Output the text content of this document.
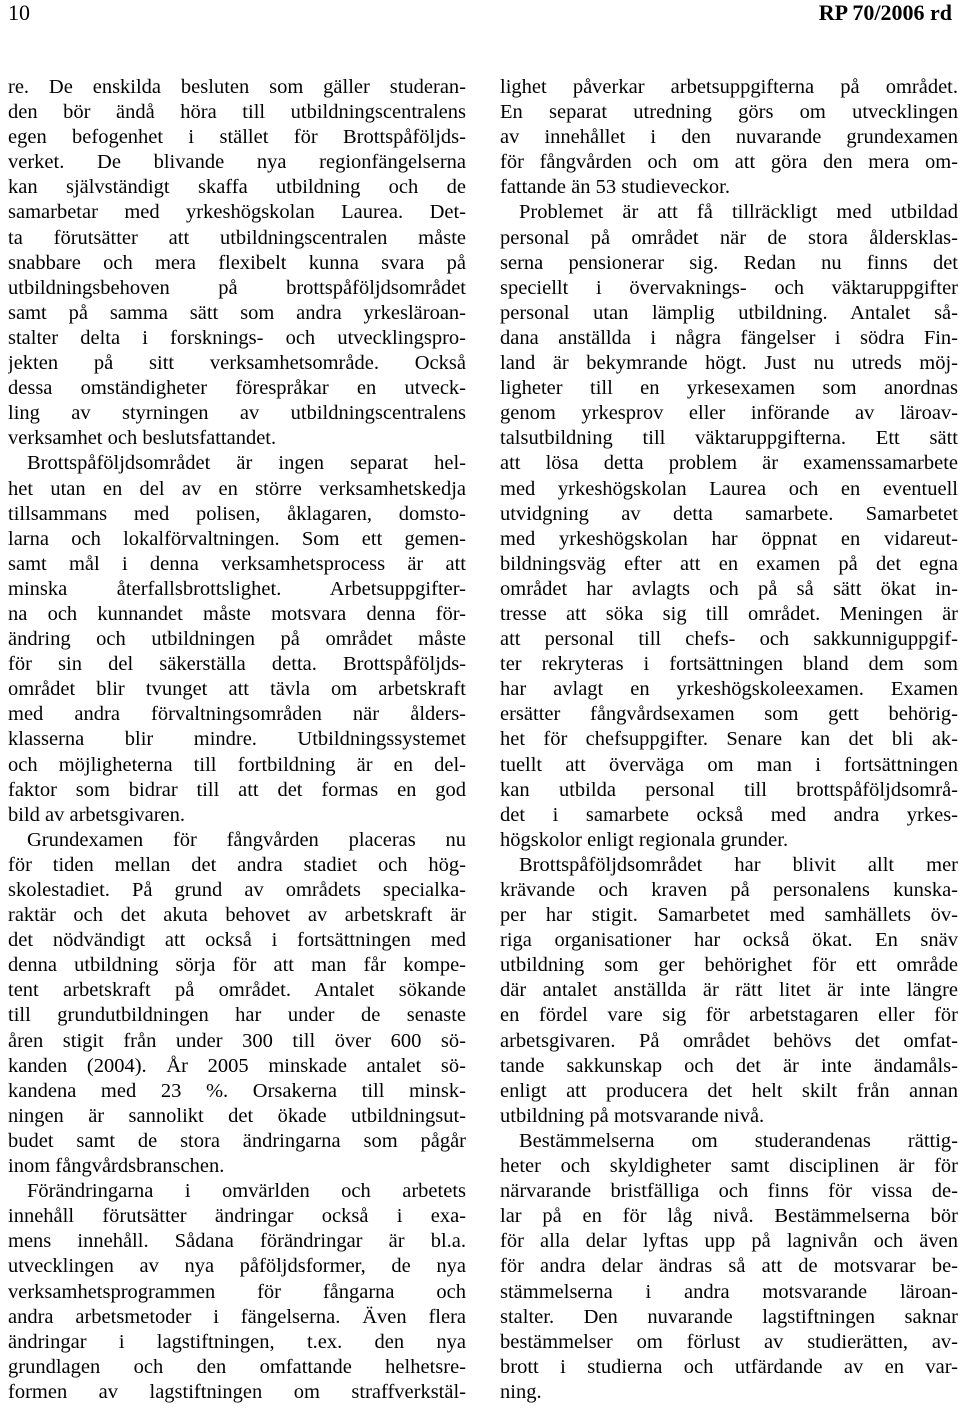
10	RP 70/2006 rd
re. De enskilda besluten som gäller studeran-
den bör ändå höra till utbildningscentralens
egen befogenhet i stället för Brottspåföljds-
verket. De blivande nya regionfängelserna
kan självständigt skaffa utbildning och de
samarbetar med yrkeshögskolan Laurea. Det-
ta förutsätter att utbildningscentralen måste
snabbare och mera flexibelt kunna svara på
utbildningsbehoven på brottspåföljdsområdet
samt på samma sätt som andra yrkesläroan-
stalter delta i forsknings- och utvecklingspro-
jekten på sitt verksamhetsområde. Också
dessa omständigheter förespråkar en utveck-
ling av styrningen av utbildningscentralens
verksamhet och beslutsfattandet.
Brottspåföljdsområdet är ingen separat hel-
het utan en del av en större verksamhetskedja
tillsammans med polisen, åklagaren, domsto-
larna och lokalförvaltningen. Som ett gemen-
samt mål i denna verksamhetsprocess är att
minska återfallsbrottslighet. Arbetsuppgifter-
na och kunnandet måste motsvara denna för-
ändring och utbildningen på området måste
för sin del säkerställa detta. Brottspåföljds-
området blir tvunget att tävla om arbetskraft
med andra förvaltningsområden när ålders-
klasserna blir mindre. Utbildningssystemet
och möjligheterna till fortbildning är en del-
faktor som bidrar till att det formas en god
bild av arbetsgivaren.
Grundexamen för fångvården placeras nu
för tiden mellan det andra stadiet och hög-
skolestadiet. På grund av områdets specialka-
raktär och det akuta behovet av arbetskraft är
det nödvändigt att också i fortsättningen med
denna utbildning sörja för att man får kompe-
tent arbetskraft på området. Antalet sökande
till grundutbildningen har under de senaste
åren stigit från under 300 till över 600 sö-
kanden (2004). År 2005 minskade antalet sö-
kandena med 23 %. Orsakerna till minsk-
ningen är sannolikt det ökade utbildningsut-
budet samt de stora ändringarna som pågår
inom fångvårdsbranschen.
Förändringarna i omvärlden och arbetets
innehåll förutsätter ändringar också i exa-
mens innehåll. Sådana förändringar är bl.a.
utvecklingen av nya påföljdsformer, de nya
verksamhetsprogrammen för fångarna och
andra arbetsmetoder i fängelserna. Även flera
ändringar i lagstiftningen, t.ex. den nya
grundlagen och den omfattande helhetsre-
formen av lagstiftningen om straffverkstäl-
lighet påverkar arbetsuppgifterna på området.
En separat utredning görs om utvecklingen
av innehållet i den nuvarande grundexamen
för fångvården och om att göra den mera om-
fattande än 53 studieveckor.
Problemet är att få tillräckligt med utbildad
personal på området när de stora åldersklas-
serna pensionerar sig. Redan nu finns det
speciellt i övervaknings- och väktaruppgifter
personal utan lämplig utbildning. Antalet så-
dana anställda i några fängelser i södra Fin-
land är bekymrande högt. Just nu utreds möj-
ligheter till en yrkesexamen som anordnas
genom yrkesprov eller införande av läroav-
talsutbildning till väktaruppgifterna. Ett sätt
att lösa detta problem är examenssamarbete
med yrkeshögskolan Laurea och en eventuell
utvidgning av detta samarbete. Samarbetet
med yrkeshögskolan har öppnat en vidareut-
bildningsväg efter att en examen på det egna
området har avlagts och på så sätt ökat in-
tresse att söka sig till området. Meningen är
att personal till chefs- och sakkunniguppgif-
ter rekryteras i fortsättningen bland dem som
har avlagt en yrkeshögskoleexamen. Examen
ersätter fångvårdsexamen som gett behörig-
het för chefsuppgifter. Senare kan det bli ak-
tuellt att överväga om man i fortsättningen
kan utbilda personal till brottspåföljdsområ-
det i samarbete också med andra yrkes-
högskolor enligt regionala grunder.
Brottspåföljdsområdet har blivit allt mer
krävande och kraven på personalens kunska-
per har stigit. Samarbetet med samhällets öv-
riga organisationer har också ökat. En snäv
utbildning som ger behörighet för ett område
där antalet anställda är rätt litet är inte längre
en fördel vare sig för arbetstagaren eller för
arbetsgivaren. På området behövs det omfat-
tande sakkunskap och det är inte ändamåls-
enligt att producera det helt skilt från annan
utbildning på motsvarande nivå.
Bestämmelserna om studerandenas rättig-
heter och skyldigheter samt disciplinen är för
närvarande bristfälliga och finns för vissa de-
lar på en för låg nivå. Bestämmelserna bör
för alla delar lyftas upp på lagnivån och även
för andra delar ändras så att de motsvarar be-
stämmelserna i andra motsvarande läroan-
stalter. Den nuvarande lagstiftningen saknar
bestämmelser om förlust av studierätten, av-
brott i studierna och utfärdande av en var-
ning.
